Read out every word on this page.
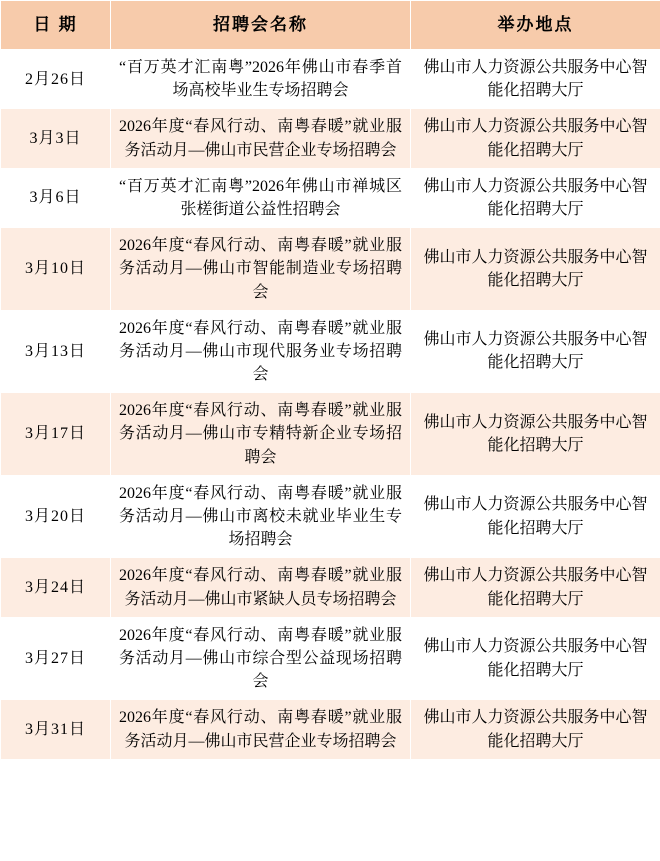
日 期	招聘会名称	举办地点
2月26日	“百万英才汇南粤”2026年佛山市春季首场高校毕业生专场招聘会	佛山市人力资源公共服务中心智能化招聘大厅

3月3日	2026年度“春风行动、南粤春暖”就业服务活动月—佛山市民营企业专场招聘会	佛山市人力资源公共服务中心智能化招聘大厅

3月6日	“百万英才汇南粤”2026年佛山市禅城区张槎街道公益性招聘会	佛山市人力资源公共服务中心智能化招聘大厅

3月10日	2026年度“春风行动、南粤春暖”就业服务活动月—佛山市智能制造业专场招聘会	佛山市人力资源公共服务中心智能化招聘大厅

3月13日	2026年度“春风行动、南粤春暖”就业服务活动月—佛山市现代服务业专场招聘会	佛山市人力资源公共服务中心智能化招聘大厅

3月17日	2026年度“春风行动、南粤春暖”就业服务活动月—佛山市专精特新企业专场招聘会	佛山市人力资源公共服务中心智能化招聘大厅

3月20日	2026年度“春风行动、南粤春暖”就业服务活动月—佛山市离校未就业毕业生专场招聘会	佛山市人力资源公共服务中心智能化招聘大厅

3月24日	2026年度“春风行动、南粤春暖”就业服务活动月—佛山市紧缺人员专场招聘会	佛山市人力资源公共服务中心智能化招聘大厅

3月27日	2026年度“春风行动、南粤春暖”就业服务活动月—佛山市综合型公益现场招聘会	佛山市人力资源公共服务中心智能化招聘大厅

3月31日	2026年度“春风行动、南粤春暖”就业服务活动月—佛山市民营企业专场招聘会	佛山市人力资源公共服务中心智能化招聘大厅
